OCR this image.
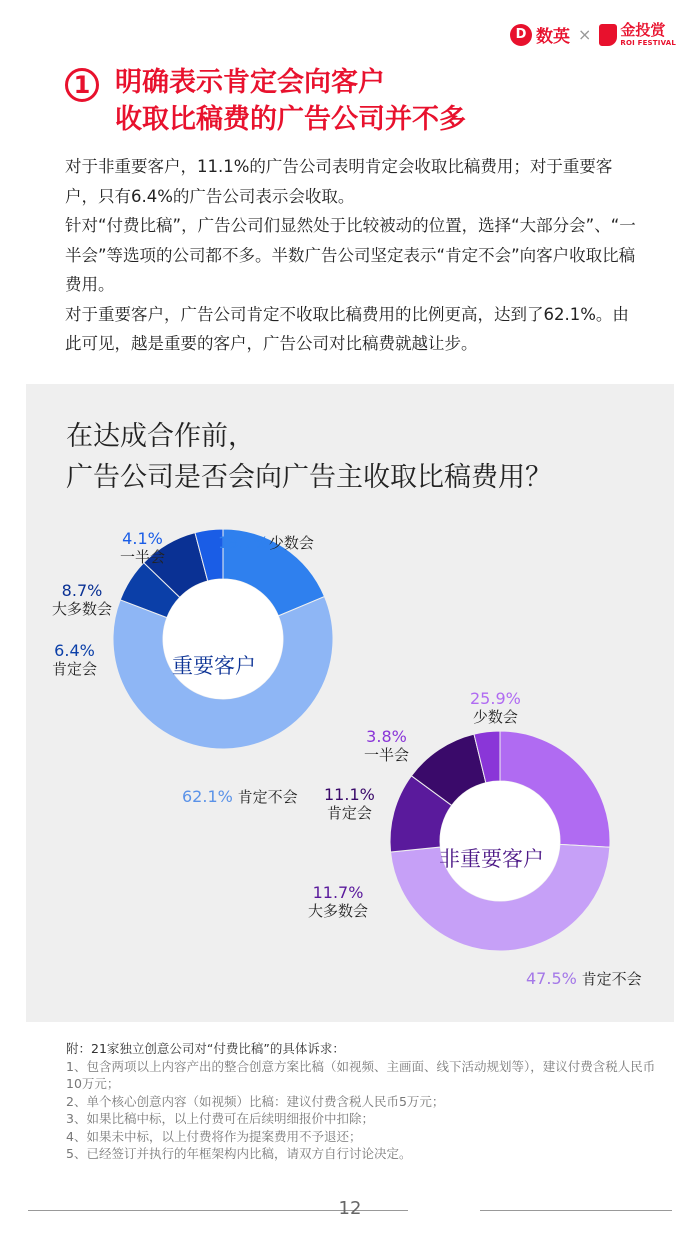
D 数英 × 金投赏
ROI FESTIVAL
1 明确表示肯定会向客户
收取比稿费的广告公司并不多

对于非重要客户，11.1%的广告公司表明肯定会收取比稿费用；对于重要客户，只有6.4%的广告公司表示会收取。

针对“付费比稿”，广告公司们显然处于比较被动的位置，选择“大部分会”、“一半会”等选项的公司都不多。半数广告公司坚定表示“肯定不会”向客户收取比稿费用。

对于重要客户，广告公司肯定不收取比稿费用的比例更高，达到了62.1%。由此可见，越是重要的客户，广告公司对比稿费就越让步。

在达成合作前，
广告公司是否会向广告主收取比稿费用？
重要客户
18.7%少数会
62.1% 肯定不会
6.4%
肯定会
8.7%
大多数会
4.1%
一半会
非重要客户
25.9%
少数会
47.5% 肯定不会
11.7%
大多数会
11.1%
肯定会
3.8%
一半会

附：21家独立创意公司对“付费比稿”的具体诉求：

1、包含两项以上内容产出的整合创意方案比稿（如视频、主画面、线下活动规划等），建议付费含税人民币10万元；

2、单个核心创意内容（如视频）比稿：建议付费含税人民币5万元；

3、如果比稿中标，以上付费可在后续明细报价中扣除；

4、如果未中标，以上付费将作为提案费用不予退还；

5、已经签订并执行的年框架构内比稿，请双方自行讨论决定。

12
